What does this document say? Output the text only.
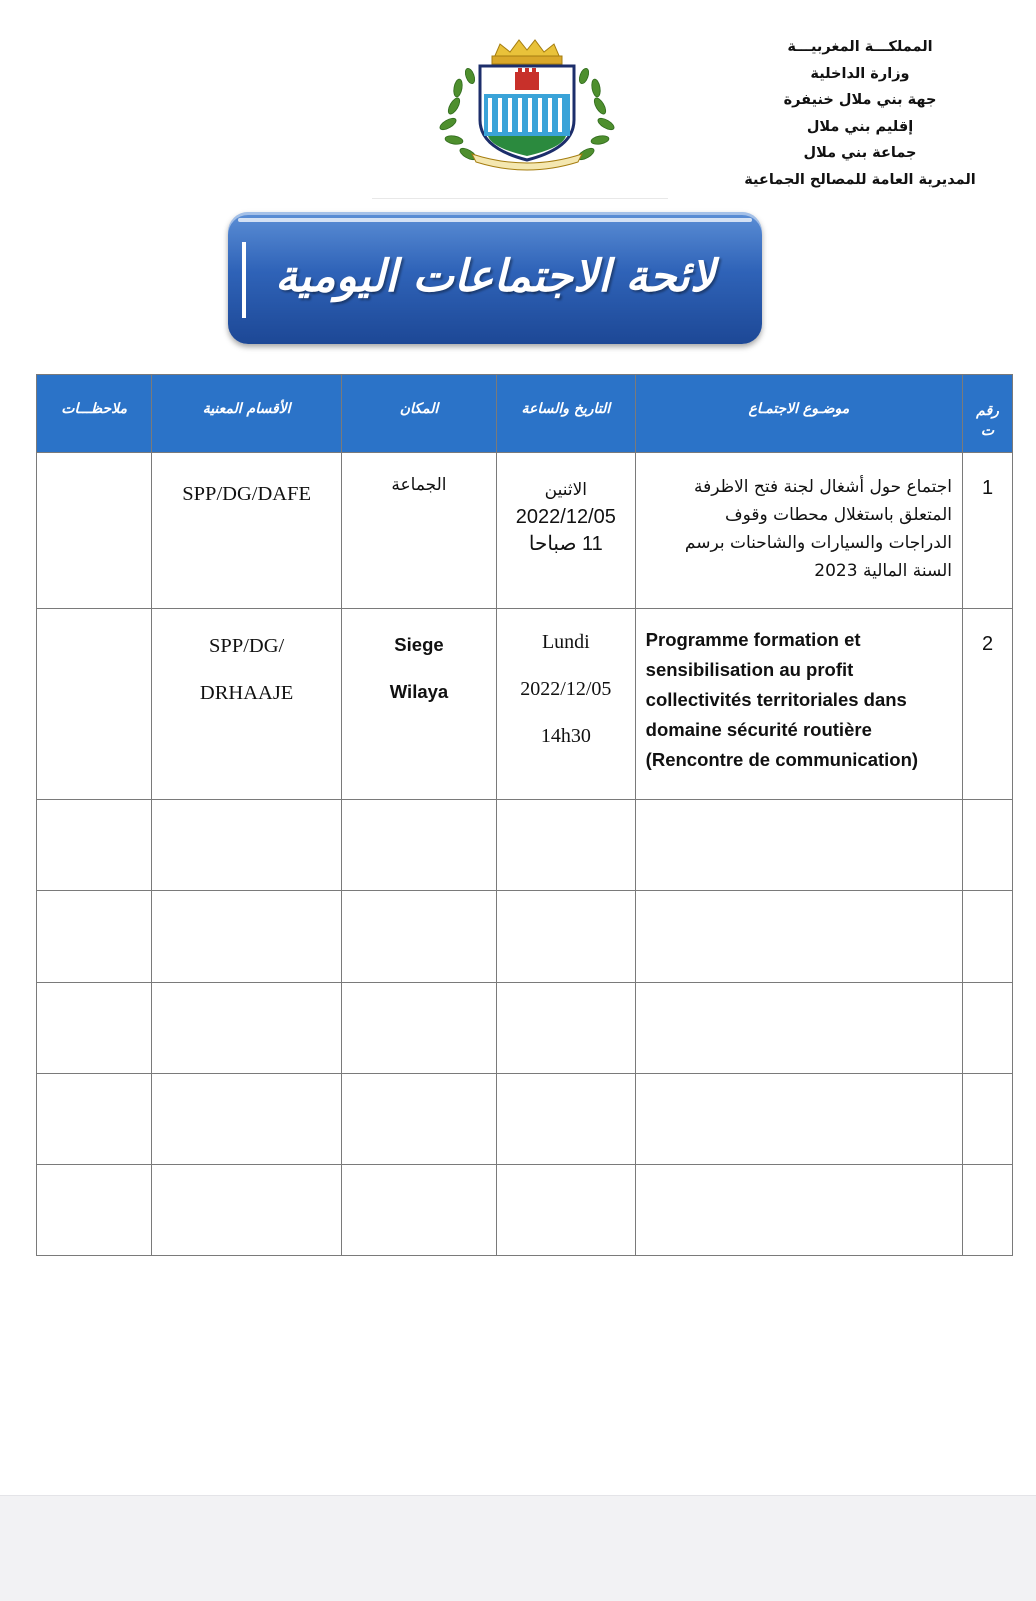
المملكـــة المغربيـــة
وزارة الداخلية
جهة بني ملال خنيفرة
إقليم بني ملال
جماعة بني ملال
المديرية العامة للمصالح الجماعية
لائحة الاجتماعات اليومية
رقم
ت	موضـوع الاجتمـاع	التاريخ والساعة	المكان	الأقسام المعنية	ملاحظـــات
1	اجتماع حول أشغال لجنة فتح الاظرفة
المتعلق باستغلال محطات وقوف
الدراجات والسيارات والشاحنات برسم
السنة المالية 2023	الاثنين
2022/12/05
11 صباحا	الجماعة	SPP/DG/DAFE	

2	Programme formation et
sensibilisation au profit
collectivités territoriales dans
domaine sécurité routière
(Rencontre de communication)	Lundi
2022/12/05
14h30	Siege
Wilaya	SPP/DG/
DRHAAJE	
